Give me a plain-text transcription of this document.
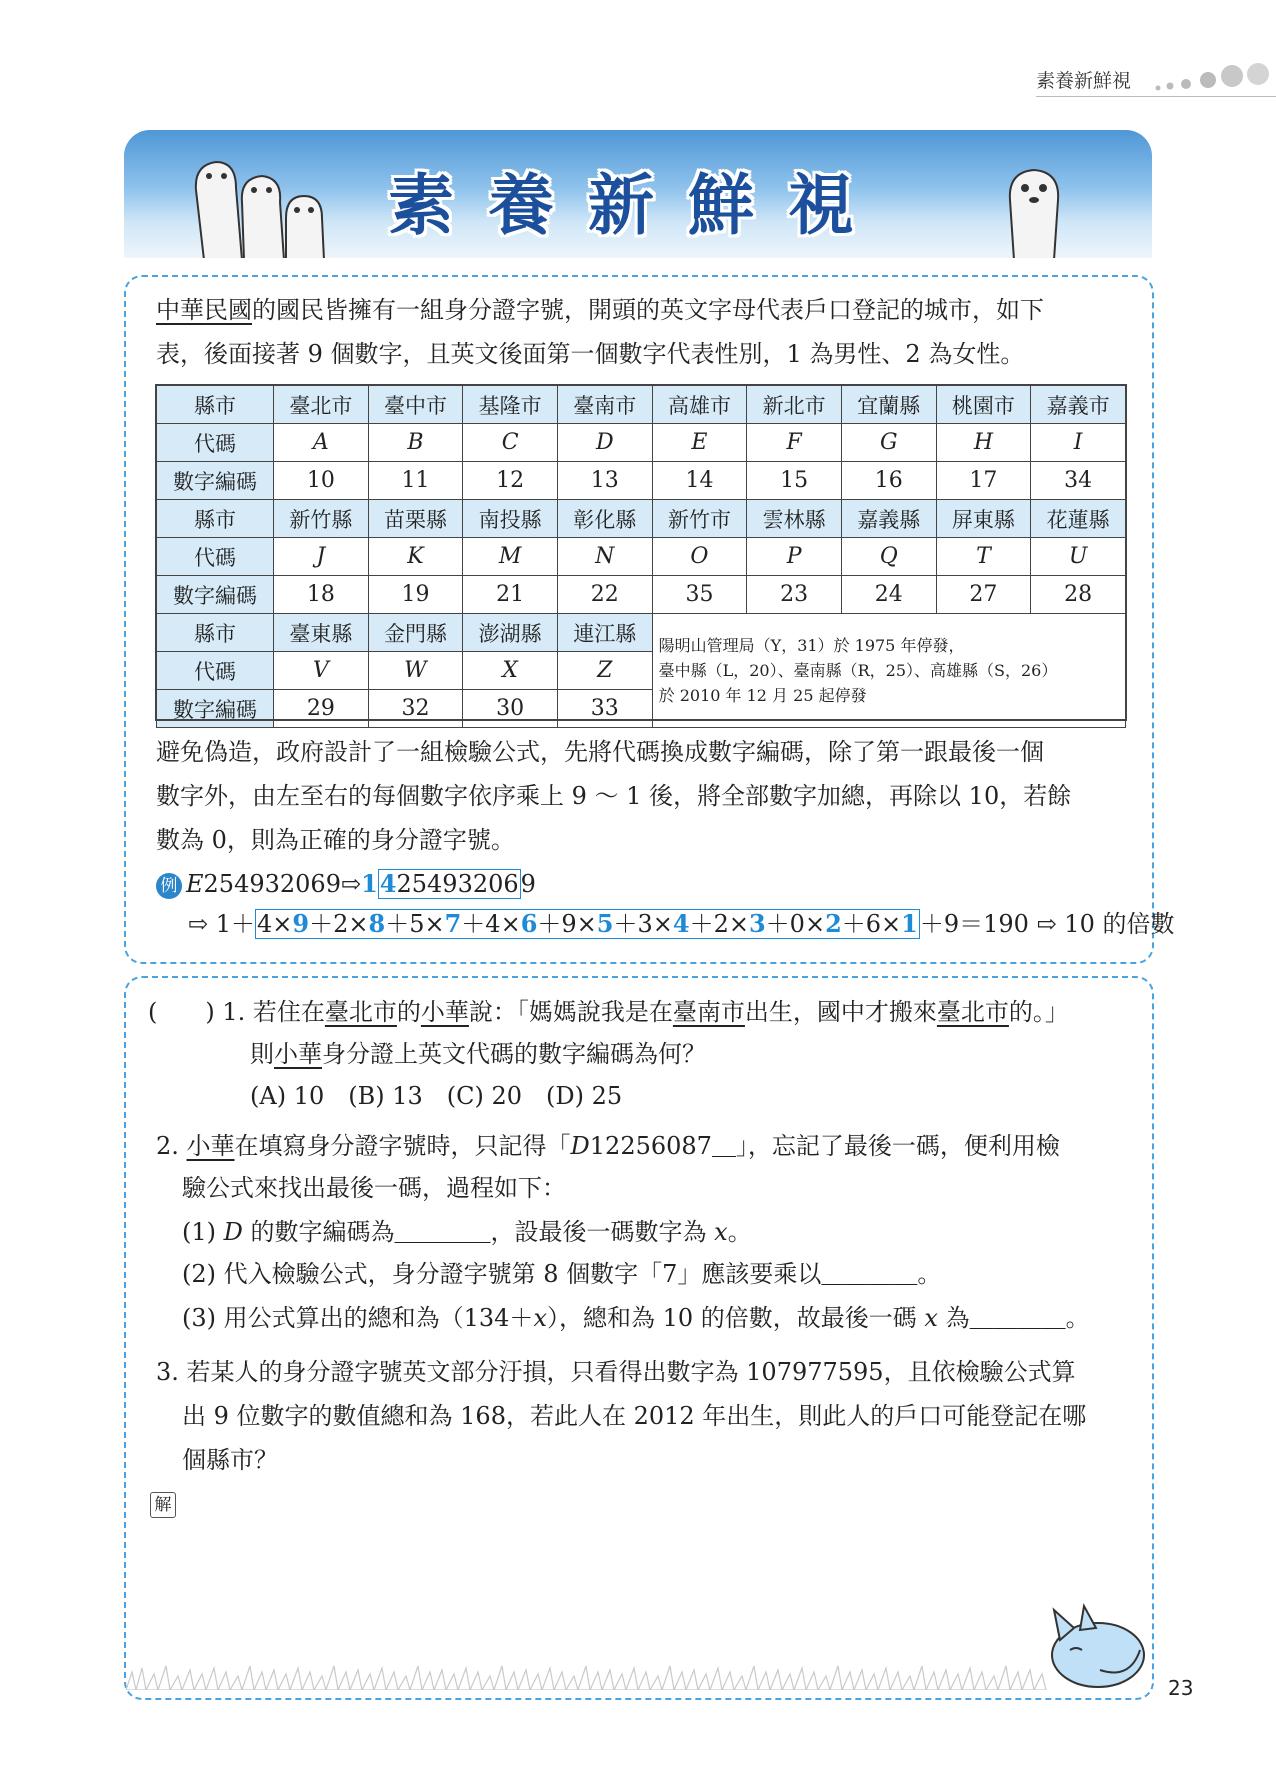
素養新鮮視
素養新鮮視
中華民國的國民皆擁有一組身分證字號，開頭的英文字母代表戶口登記的城市，如下
表，後面接著 9 個數字，且英文後面第一個數字代表性別，1 為男性、2 為女性。
縣市	臺北市	臺中市	基隆市	臺南市	高雄市	新北市	宜蘭縣	桃園市	嘉義市
代碼	A	B	C	D	E	F	G	H	I
數字編碼	10	11	12	13	14	15	16	17	34
縣市	新竹縣	苗栗縣	南投縣	彰化縣	新竹市	雲林縣	嘉義縣	屏東縣	花蓮縣
代碼	J	K	M	N	O	P	Q	T	U
數字編碼	18	19	21	22	35	23	24	27	28
縣市	臺東縣	金門縣	澎湖縣	連江縣	陽明山管理局（Y，31）於 1975 年停發，
臺中縣（L，20）、臺南縣（R，25）、高雄縣（S，26）
於 2010 年 12 月 25 起停發				

代碼	V	W	X	Z					
數字編碼	29	32	30	33					
避免偽造，政府設計了一組檢驗公式，先將代碼換成數字編碼，除了第一跟最後一個
數字外，由左至右的每個數字依序乘上 9 ～ 1 後，將全部數字加總，再除以 10，若餘
數為 0，則為正確的身分證字號。
例 E254932069⇨14254932069
⇨ 1＋4×9＋2×8＋5×7＋4×6＋9×5＋3×4＋2×3＋0×2＋6×1＋9＝190 ⇨ 10 的倍數
(　　) 1. 若住在臺北市的小華說：「媽媽說我是在臺南市出生，國中才搬來臺北市的。」
則小華身分證上英文代碼的數字編碼為何？
(A) 10　(B) 13　(C) 20　(D) 25
2. 小華在填寫身分證字號時，只記得「D12256087＿」，忘記了最後一碼，便利用檢
驗公式來找出最後一碼，過程如下：
(1) D 的數字編碼為＿＿＿＿，設最後一碼數字為 x。
(2) 代入檢驗公式，身分證字號第 8 個數字「7」應該要乘以＿＿＿＿。
(3) 用公式算出的總和為（134＋x），總和為 10 的倍數，故最後一碼 x 為＿＿＿＿。
3. 若某人的身分證字號英文部分汙損，只看得出數字為 107977595，且依檢驗公式算
出 9 位數字的數值總和為 168，若此人在 2012 年出生，則此人的戶口可能登記在哪
個縣市？
解
23
